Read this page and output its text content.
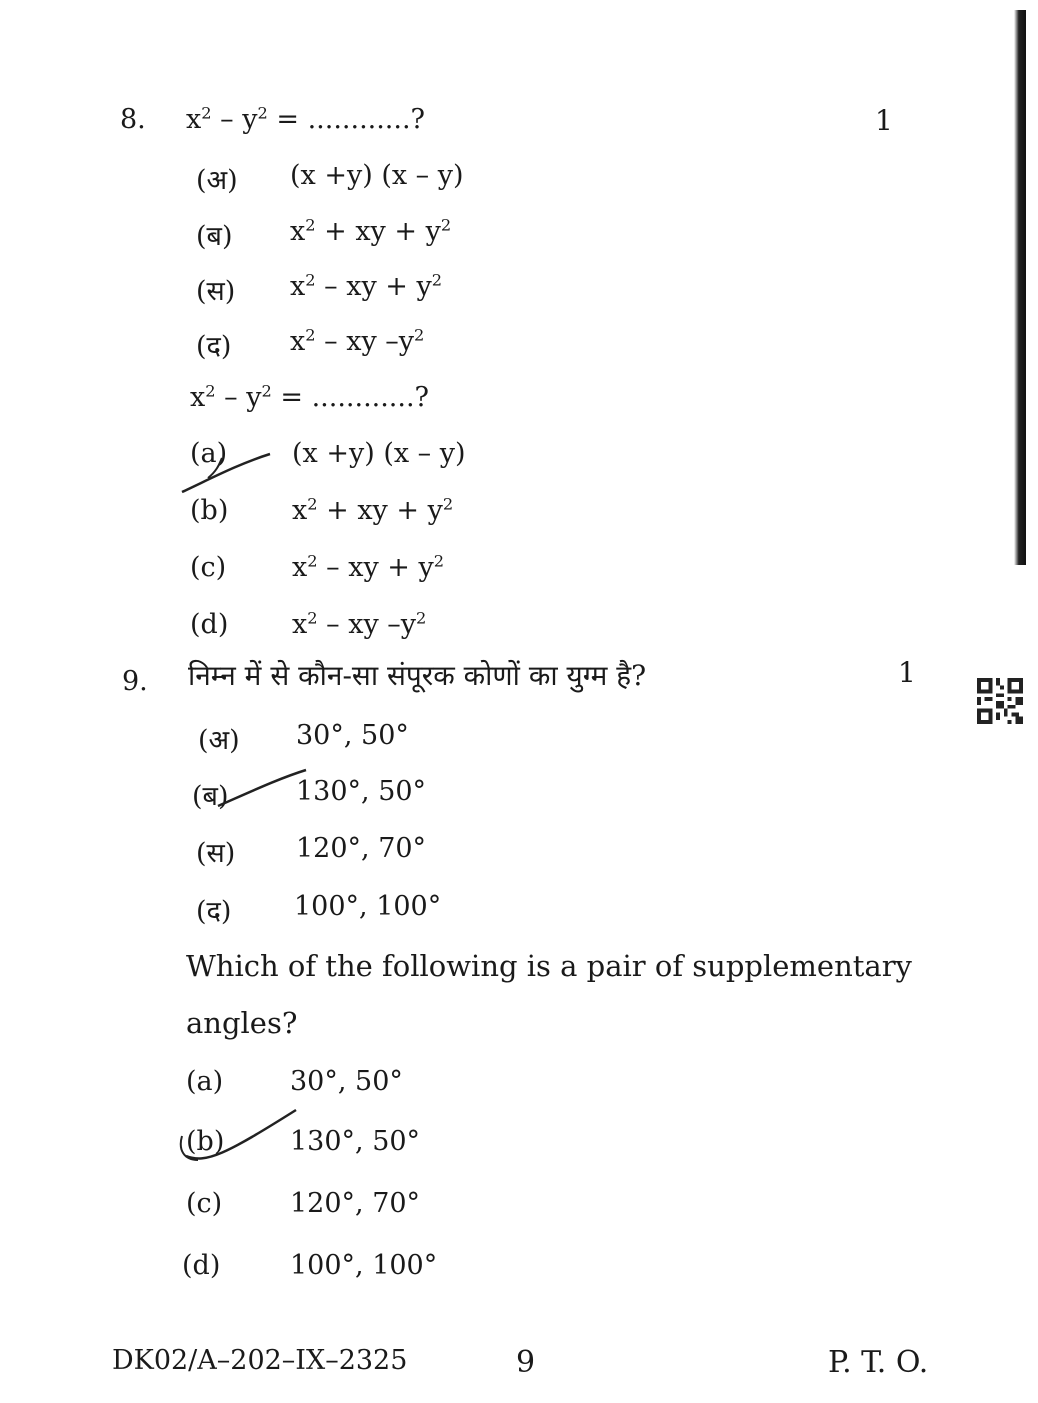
8. $x^2 - y^2$ = ............?	1
(अ) (x +y) (x – y)
(ब) $x^2$ + xy + $y^2$
(स) $x^2$ – xy + $y^2$
(द) $x^2$ – xy $-y^2$
$x^2 - y^2$ = ............?
(a) (x +y) (x – y)
(b) $x^2$ + xy + $y^2$
(c) $x^2$ – xy + $y^2$
(d) $x^2$ – xy $-y^2$
9. निम्न में से कौन-सा संपूरक कोणों का युग्म है?	1
(अ) 30°, 50°
(ब)	130°, 50°
(स) 120°, 70°
(द) 100°, 100°
Which of the following is a pair of supplementary
angles?
(a) 30°, 50°
(b) 130°, 50°
(c)	120°, 70°
(d)	100°, 100°
DK02/A–202–IX–2325	9	P. T. O.
